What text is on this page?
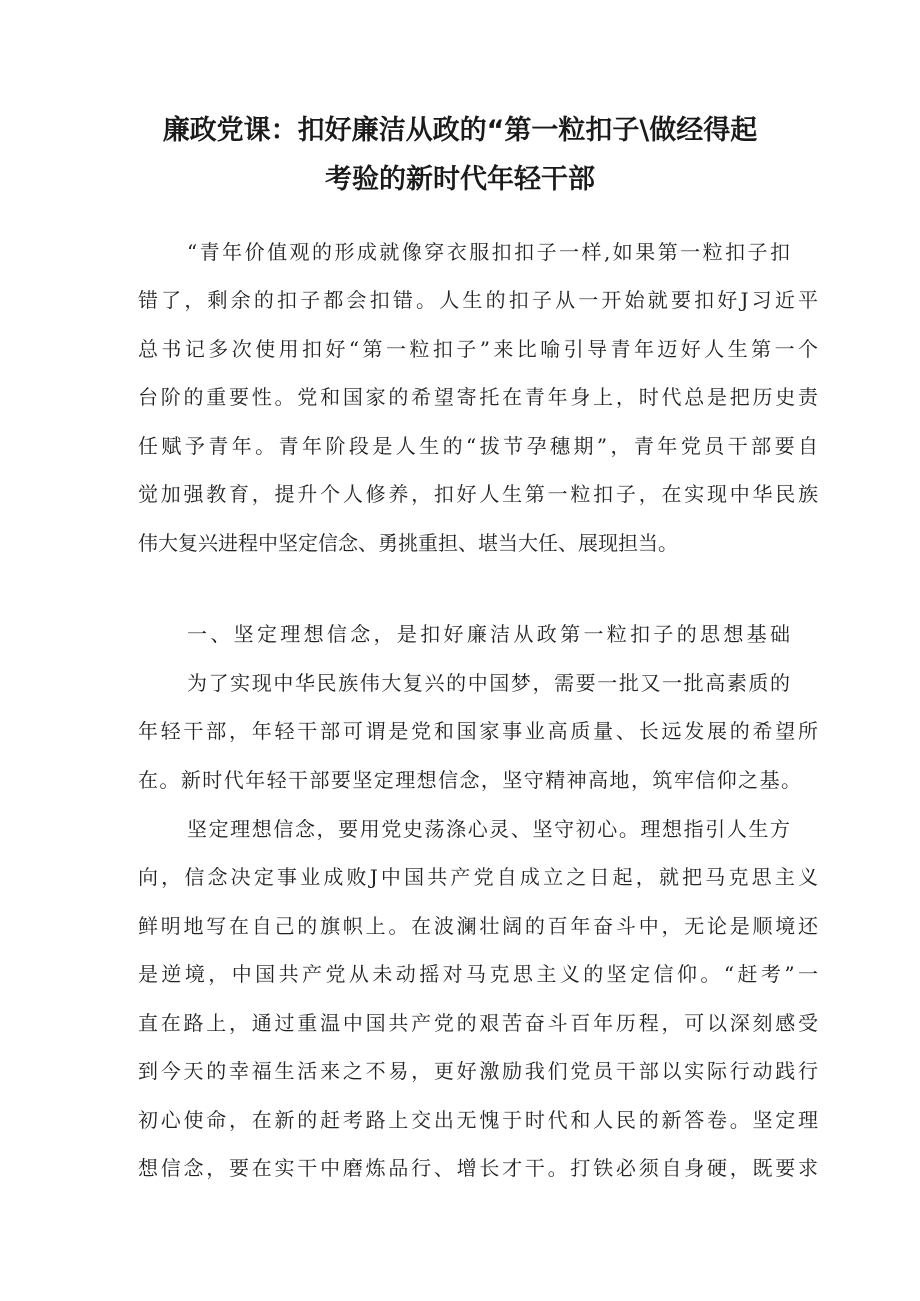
廉政党课：扣好廉洁从政的“第一粒扣子\做经得起
考验的新时代年轻干部
“青年价值观的形成就像穿衣服扣扣子一样,如果第一粒扣子扣
错了，剩余的扣子都会扣错。人生的扣子从一开始就要扣好J习近平
总书记多次使用扣好“第一粒扣子”来比喻引导青年迈好人生第一个
台阶的重要性。党和国家的希望寄托在青年身上，时代总是把历史责
任赋予青年。青年阶段是人生的“拔节孕穗期”，青年党员干部要自
觉加强教育，提升个人修养，扣好人生第一粒扣子，在实现中华民族
伟大复兴进程中坚定信念、勇挑重担、堪当大任、展现担当。
一、坚定理想信念，是扣好廉洁从政第一粒扣子的思想基础
为了实现中华民族伟大复兴的中国梦，需要一批又一批高素质的
年轻干部，年轻干部可谓是党和国家事业高质量、长远发展的希望所
在。新时代年轻干部要坚定理想信念，坚守精神高地，筑牢信仰之基。
坚定理想信念，要用党史荡涤心灵、坚守初心。理想指引人生方
向，信念决定事业成败J中国共产党自成立之日起，就把马克思主义
鲜明地写在自己的旗帜上。在波澜壮阔的百年奋斗中，无论是顺境还
是逆境，中国共产党从未动摇对马克思主义的坚定信仰。“赶考”一
直在路上，通过重温中国共产党的艰苦奋斗百年历程，可以深刻感受
到今天的幸福生活来之不易，更好激励我们党员干部以实际行动践行
初心使命，在新的赶考路上交出无愧于时代和人民的新答卷。坚定理
想信念，要在实干中磨炼品行、增长才干。打铁必须自身硬，既要求
